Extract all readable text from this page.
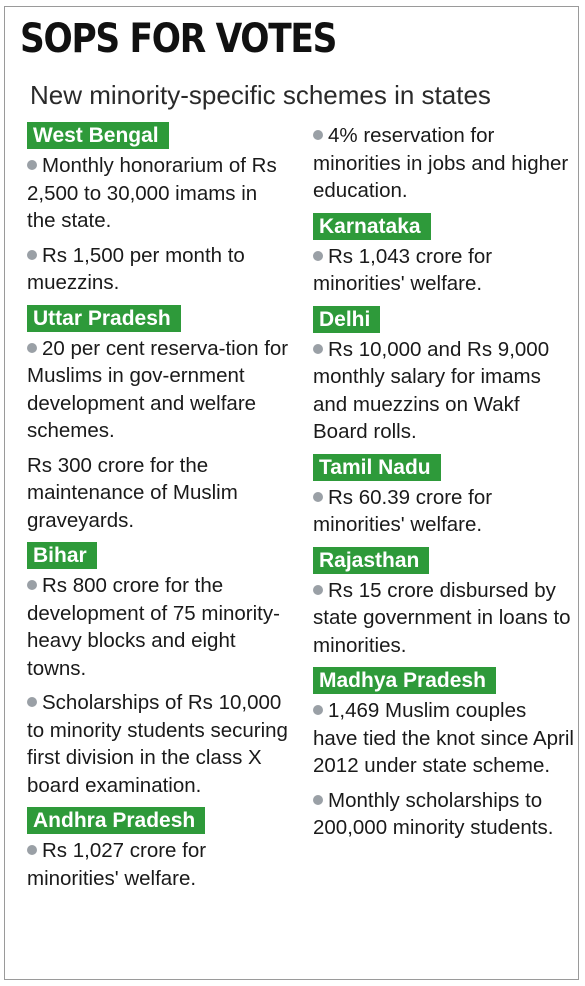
SOPS FOR VOTES

New minority-specific schemes in states

West Bengal
Monthly honorarium of Rs 2,500 to 30,000 imams in the state.
Rs 1,500 per month to muezzins.
Uttar Pradesh
20 per cent reserva-tion for Muslims in gov-ernment development and welfare schemes.
Rs 300 crore for the maintenance of Muslim graveyards.
Bihar
Rs 800 crore for the development of 75 minority-heavy blocks and eight towns.
Scholarships of Rs 10,000 to minority students securing first division in the class X board examination.
Andhra Pradesh
Rs 1,027 crore for minorities' welfare.
4% reservation for minorities in jobs and higher education.
Karnataka
Rs 1,043 crore for minorities' welfare.
Delhi
Rs 10,000 and Rs 9,000 monthly salary for imams and muezzins on Wakf Board rolls.
Tamil Nadu
Rs 60.39 crore for minorities' welfare.
Rajasthan
Rs 15 crore disbursed by state government in loans to minorities.
Madhya Pradesh
1,469 Muslim couples have tied the knot since April 2012 under state scheme.
Monthly scholarships to 200,000 minority students.
